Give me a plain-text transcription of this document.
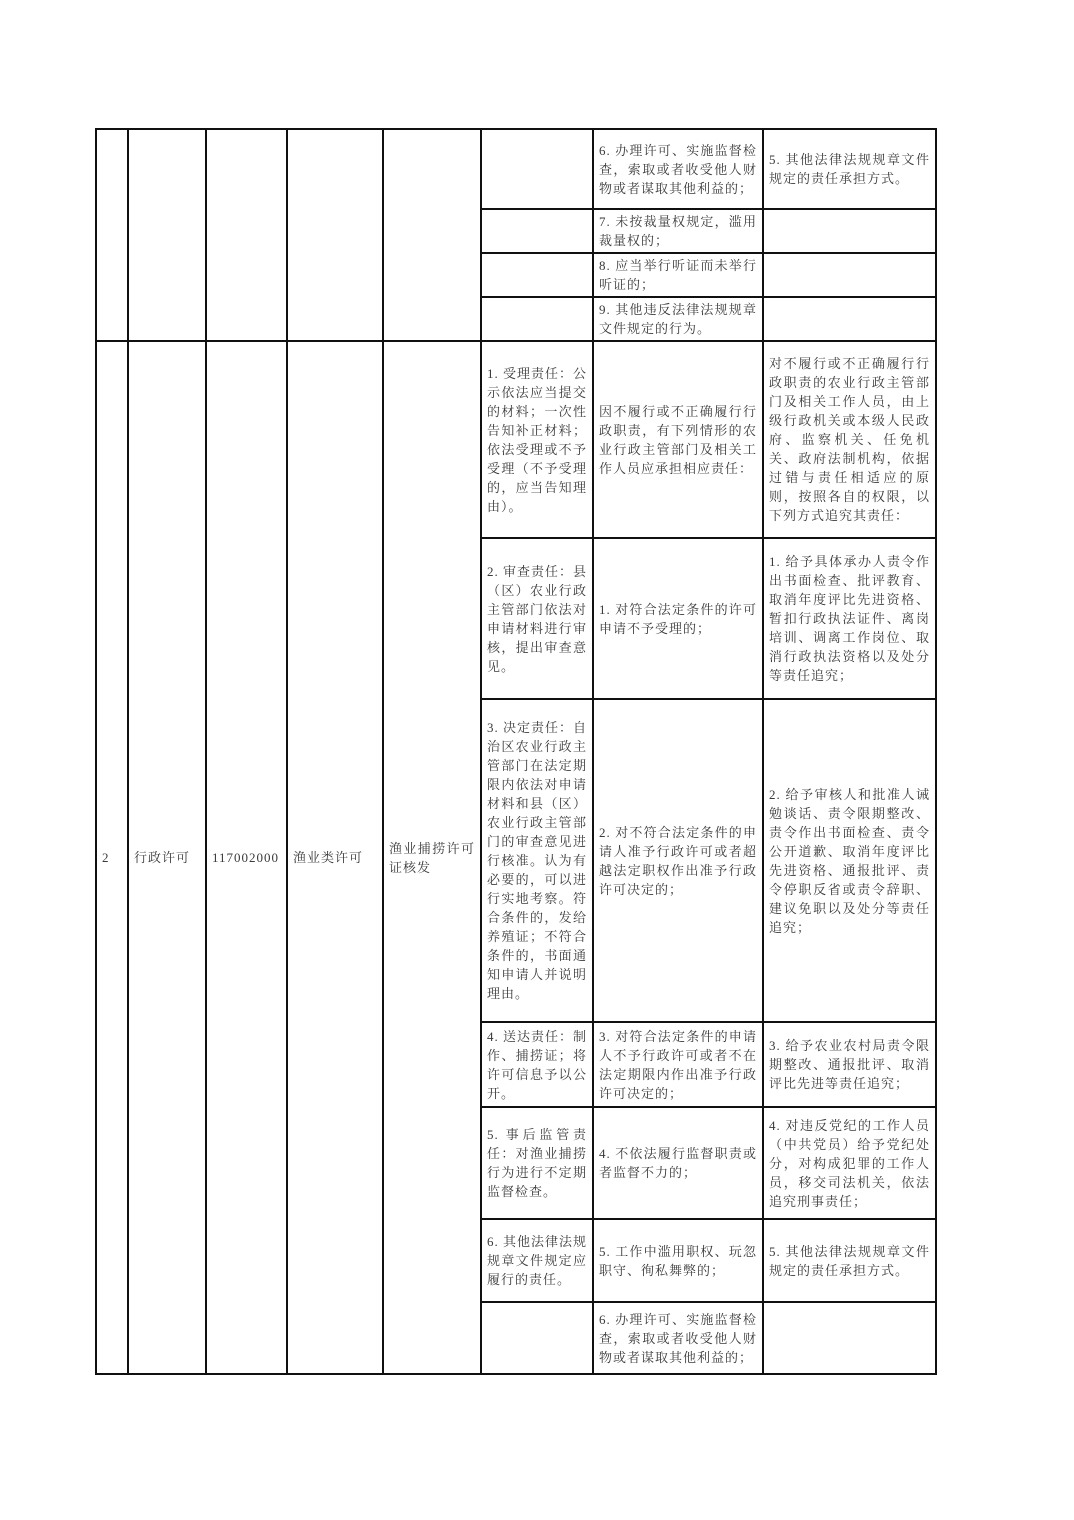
						6. 办理许可、实施监督检查，索取或者收受他人财物或者谋取其他利益的；	5. 其他法律法规规章文件规定的责任承担方式。
						7. 未按裁量权规定，滥用裁量权的；	
						8. 应当举行听证而未举行听证的；	
						9. 其他违反法律法规规章文件规定的行为。	
2	行政许可	117002000	渔业类许可	渔业捕捞许可证核发	1. 受理责任：公示依法应当提交的材料；一次性告知补正材料；依法受理或不予受理（不予受理的，应当告知理由）。	因不履行或不正确履行行政职责，有下列情形的农业行政主管部门及相关工作人员应承担相应责任：	对不履行或不正确履行行政职责的农业行政主管部门及相关工作人员，由上级行政机关或本级人民政府、监察机关、任免机关、政府法制机构，依据过错与责任相适应的原则，按照各自的权限，以下列方式追究其责任：
					2. 审查责任：县（区）农业行政主管部门依法对申请材料进行审核，提出审查意见。	1. 对符合法定条件的许可申请不予受理的；	1. 给予具体承办人责令作出书面检查、批评教育、取消年度评比先进资格、暂扣行政执法证件、离岗培训、调离工作岗位、取消行政执法资格以及处分等责任追究；
					3. 决定责任：自治区农业行政主管部门在法定期限内依法对申请材料和县（区）农业行政主管部门的审查意见进行核准。认为有必要的，可以进行实地考察。符合条件的，发给养殖证；不符合条件的，书面通知申请人并说明理由。	2. 对不符合法定条件的申请人准予行政许可或者超越法定职权作出准予行政许可决定的；	2. 给予审核人和批准人诫勉谈话、责令限期整改、责令作出书面检查、责令公开道歉、取消年度评比先进资格、通报批评、责令停职反省或责令辞职、建议免职以及处分等责任追究；
					4. 送达责任：制作、捕捞证；将许可信息予以公开。	3. 对符合法定条件的申请人不予行政许可或者不在法定期限内作出准予行政许可决定的；	3. 给予农业农村局责令限期整改、通报批评、取消评比先进等责任追究；
					5. 事后监管责任：对渔业捕捞行为进行不定期监督检查。	4. 不依法履行监督职责或者监督不力的；	4. 对违反党纪的工作人员（中共党员）给予党纪处分，对构成犯罪的工作人员，移交司法机关，依法追究刑事责任；
					6. 其他法律法规规章文件规定应履行的责任。	5. 工作中滥用职权、玩忽职守、徇私舞弊的；	5. 其他法律法规规章文件规定的责任承担方式。
						6. 办理许可、实施监督检查，索取或者收受他人财物或者谋取其他利益的；	
